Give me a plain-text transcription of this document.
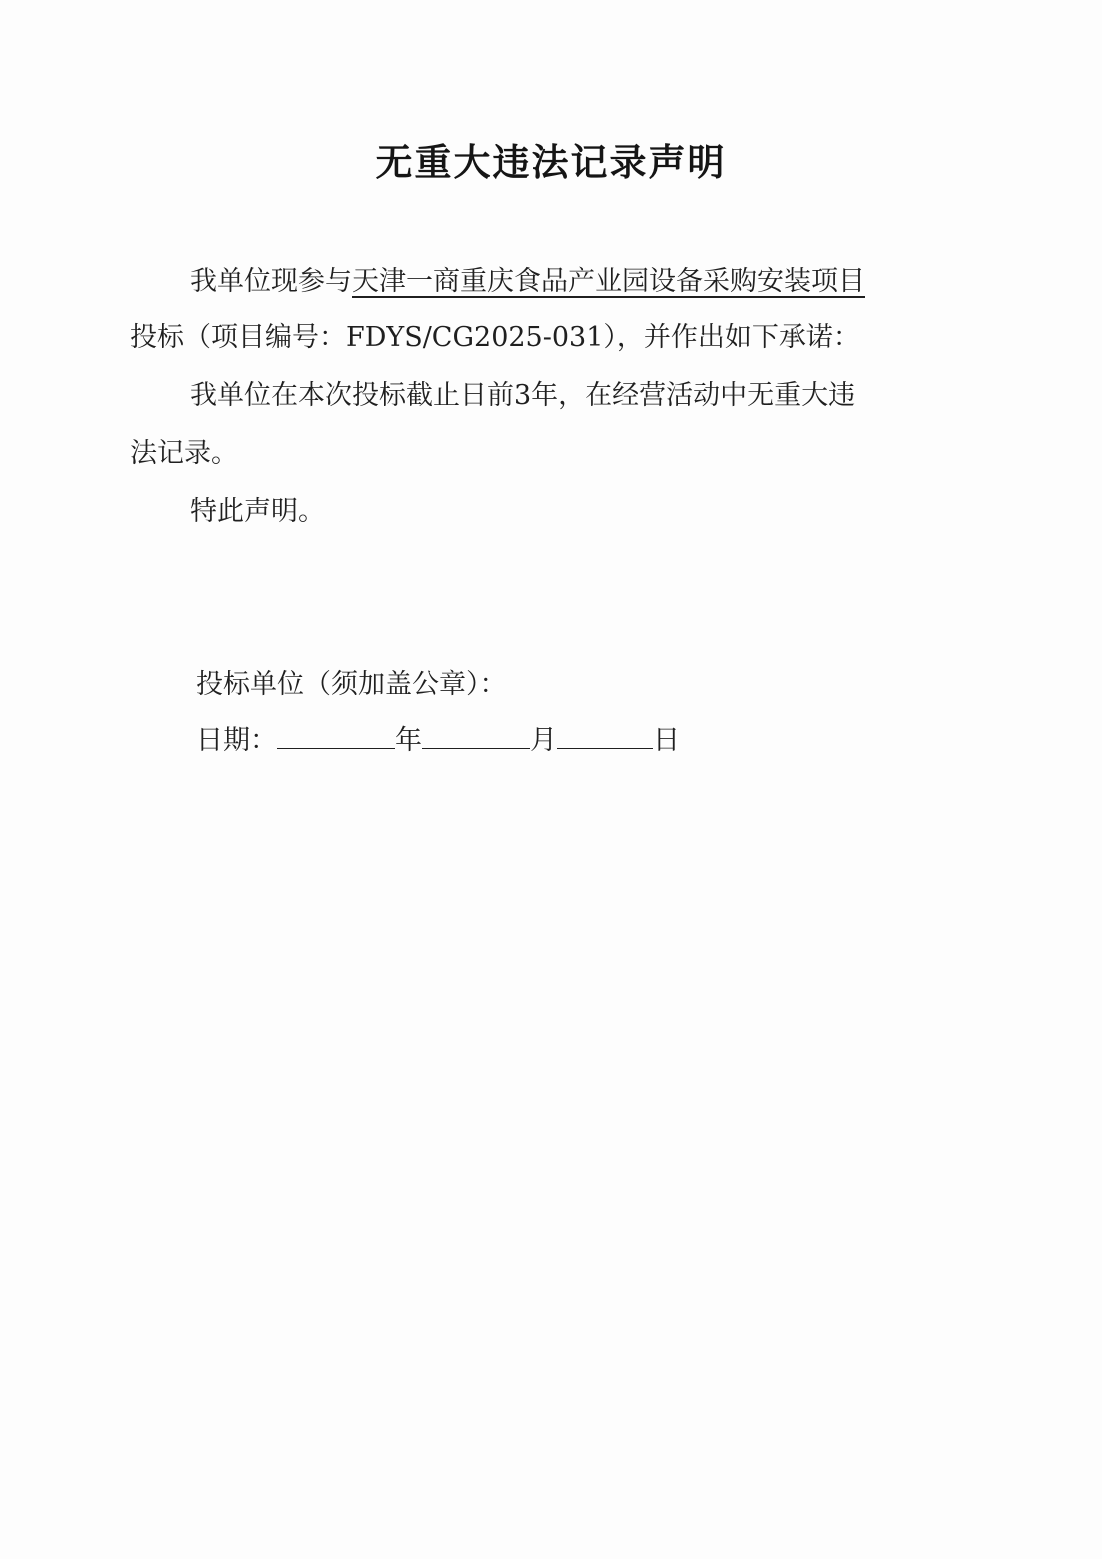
无重大违法记录声明
我单位现参与天津一商重庆食品产业园设备采购安装项目
投标（项目编号：FDYS/CG2025-031），并作出如下承诺：
我单位在本次投标截止日前3年，在经营活动中无重大违
法记录。
特此声明。
投标单位（须加盖公章）：
日期：	年	月	日
